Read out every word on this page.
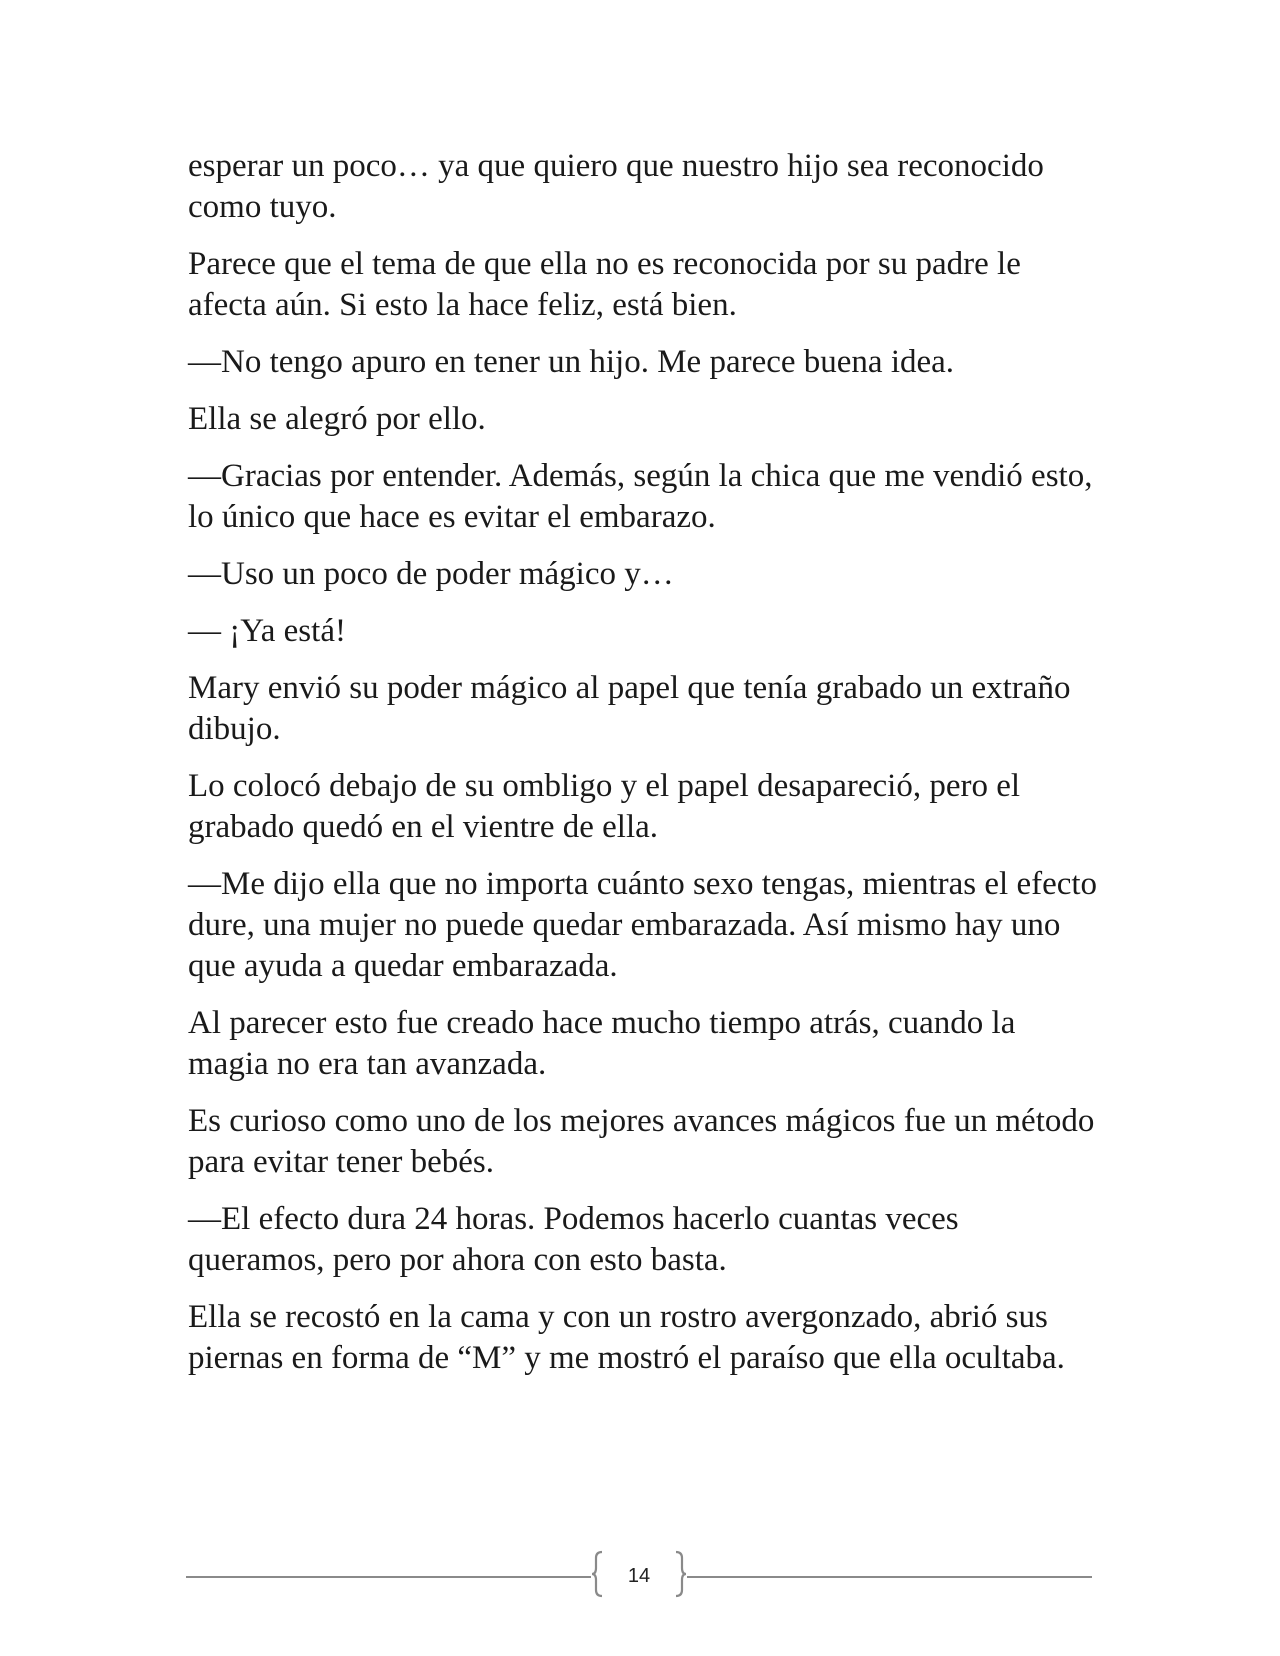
esperar un poco… ya que quiero que nuestro hijo sea reconocido como tuyo.

Parece que el tema de que ella no es reconocida por su padre le afecta aún. Si esto la hace feliz, está bien.

—No tengo apuro en tener un hijo. Me parece buena idea.

Ella se alegró por ello.

—Gracias por entender. Además, según la chica que me vendió esto, lo único que hace es evitar el embarazo.

—Uso un poco de poder mágico y…

— ¡Ya está!

Mary envió su poder mágico al papel que tenía grabado un extraño dibujo.

Lo colocó debajo de su ombligo y el papel desapareció, pero el grabado quedó en el vientre de ella.

—Me dijo ella que no importa cuánto sexo tengas, mientras el efecto dure, una mujer no puede quedar embarazada. Así mismo hay uno que ayuda a quedar embarazada.

Al parecer esto fue creado hace mucho tiempo atrás, cuando la magia no era tan avanzada.

Es curioso como uno de los mejores avances mágicos fue un método para evitar tener bebés.

—El efecto dura 24 horas. Podemos hacerlo cuantas veces queramos, pero por ahora con esto basta.

Ella se recostó en la cama y con un rostro avergonzado, abrió sus piernas en forma de “M” y me mostró el paraíso que ella ocultaba.

14
